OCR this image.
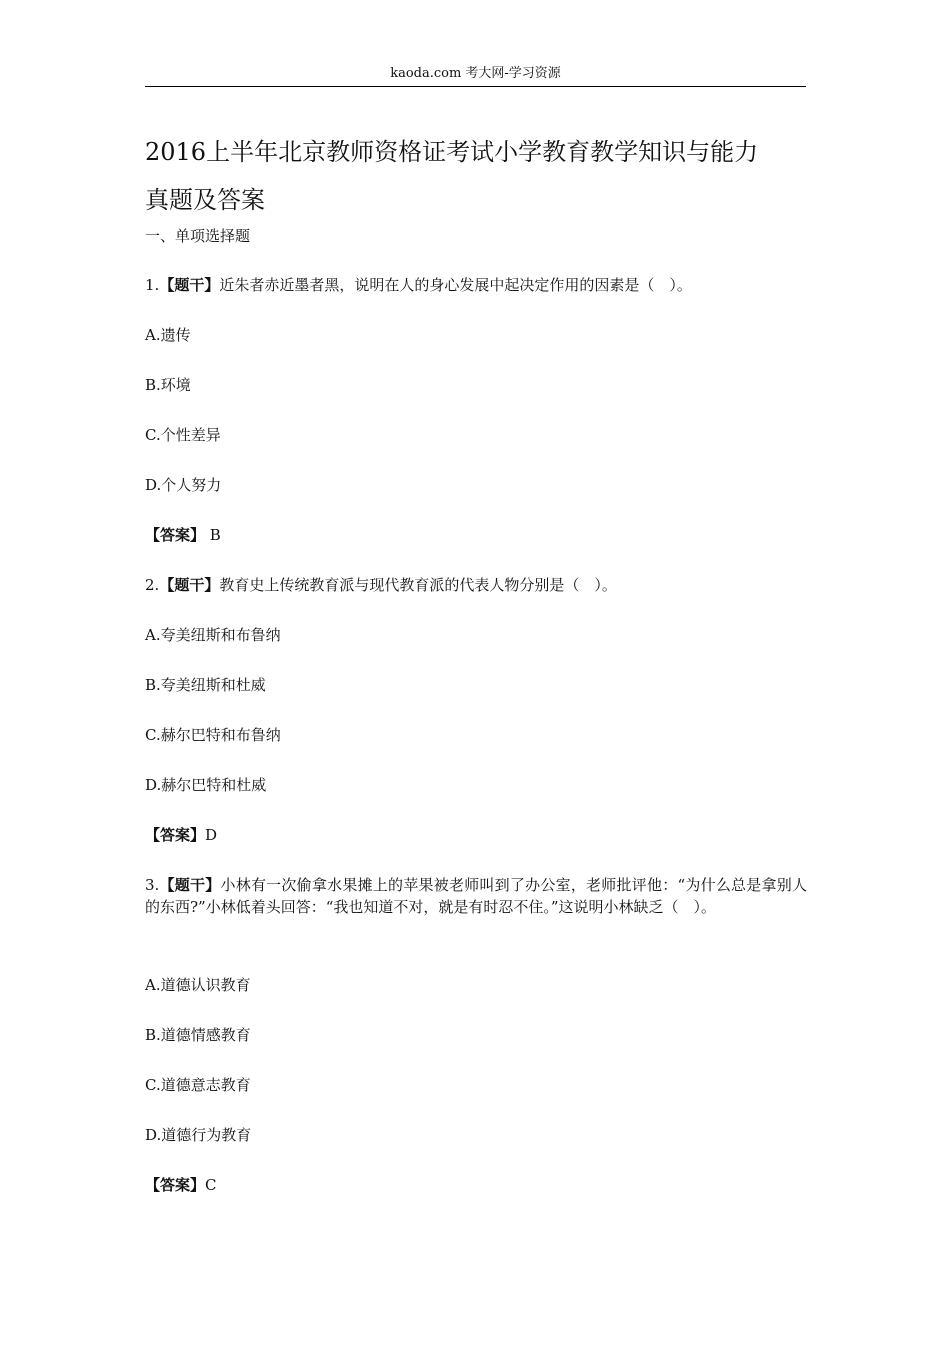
kaoda.com 考大网-学习资源
2016上半年北京教师资格证考试小学教育教学知识与能力
真题及答案
一、单项选择题
1.【题干】近朱者赤近墨者黑，说明在人的身心发展中起决定作用的因素是（　）。
A.遗传
B.环境
C.个性差异
D.个人努力
【答案】 B
2.【题干】教育史上传统教育派与现代教育派的代表人物分别是（　）。
A.夸美纽斯和布鲁纳
B.夸美纽斯和杜威
C.赫尔巴特和布鲁纳
D.赫尔巴特和杜威
【答案】D
3.【题干】小林有一次偷拿水果摊上的苹果被老师叫到了办公室，老师批评他：“为什么总是拿别人的东西?”小林低着头回答：“我也知道不对，就是有时忍不住。”这说明小林缺乏（　）。
A.道德认识教育
B.道德情感教育
C.道德意志教育
D.道德行为教育
【答案】C
